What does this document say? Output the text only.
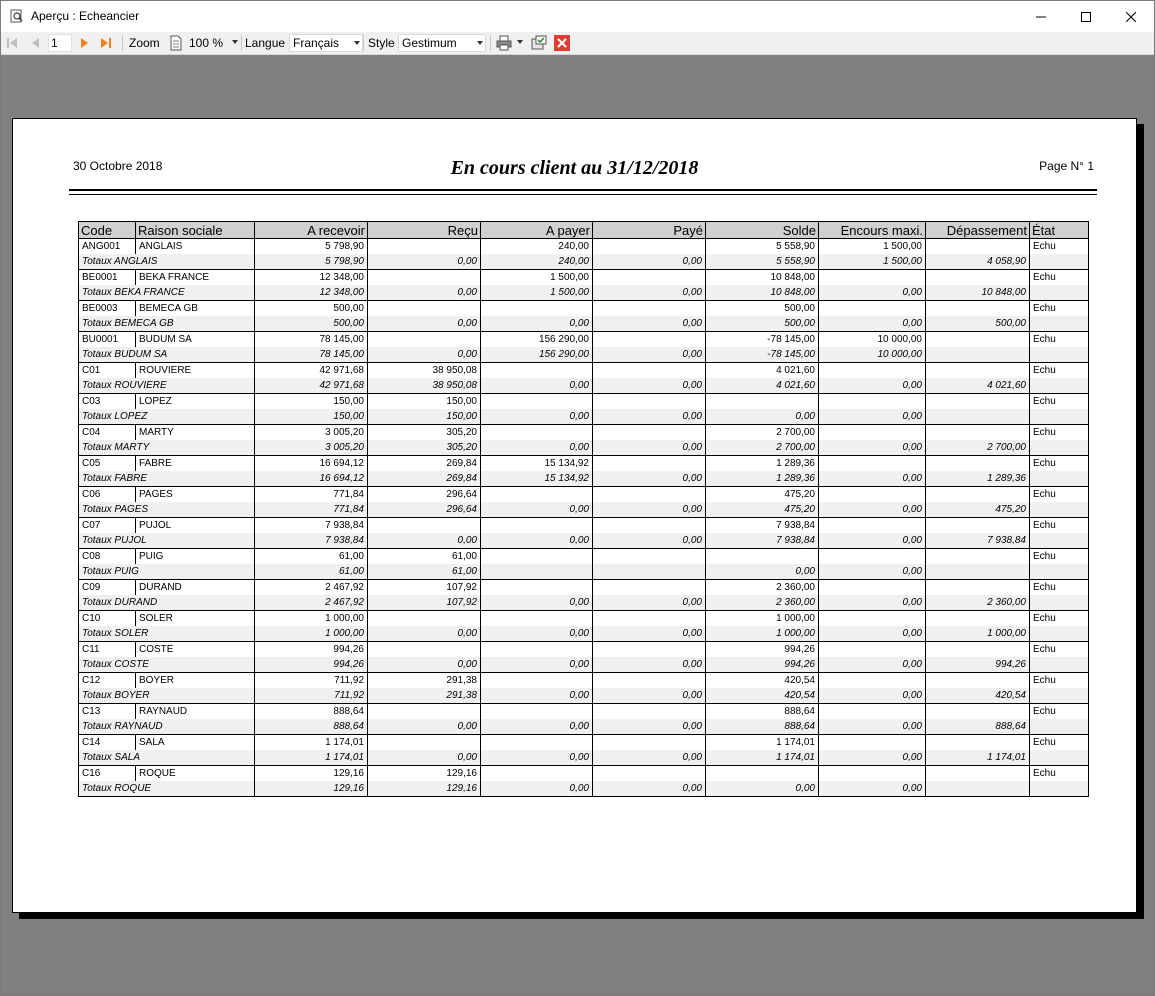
Aperçu : Echeancier
1
Zoom 100 % Langue Français	Style Gestimum
30 Octobre 2018	En cours client au 31/12/2018	Page N° 1
Code	Raison sociale	A recevoir	Reçu	A payer	Payé	Solde	Encours maxi.	Dépassement	État
ANG001	ANGLAIS	5 798,90		240,00		5 558,90	1 500,00		Echu
Totaux ANGLAIS		5 798,90	0,00	240,00	0,00	5 558,90	1 500,00	4 058,90	
BE0001	BEKA FRANCE	12 348,00		1 500,00		10 848,00			Echu
Totaux BEKA FRANCE		12 348,00	0,00	1 500,00	0,00	10 848,00	0,00	10 848,00	
BE0003	BEMECA GB	500,00				500,00			Echu
Totaux BEMECA GB		500,00	0,00	0,00	0,00	500,00	0,00	500,00	
BU0001	BUDUM SA	78 145,00		156 290,00		-78 145,00	10 000,00		Echu
Totaux BUDUM SA		78 145,00	0,00	156 290,00	0,00	-78 145,00	10 000,00		
C01	ROUVIERE	42 971,68	38 950,08			4 021,60			Echu
Totaux ROUVIERE		42 971,68	38 950,08	0,00	0,00	4 021,60	0,00	4 021,60	
C03	LOPEZ	150,00	150,00						Echu
Totaux LOPEZ		150,00	150,00	0,00	0,00	0,00	0,00		
C04	MARTY	3 005,20	305,20			2 700,00			Echu
Totaux MARTY		3 005,20	305,20	0,00	0,00	2 700,00	0,00	2 700,00	
C05	FABRE	16 694,12	269,84	15 134,92		1 289,36			Echu
Totaux FABRE		16 694,12	269,84	15 134,92	0,00	1 289,36	0,00	1 289,36	
C06	PAGES	771,84	296,64			475,20			Echu
Totaux PAGES		771,84	296,64	0,00	0,00	475,20	0,00	475,20	
C07	PUJOL	7 938,84				7 938,84			Echu
Totaux PUJOL		7 938,84	0,00	0,00	0,00	7 938,84	0,00	7 938,84	
C08	PUIG	61,00	61,00						Echu
Totaux PUIG		61,00	61,00			0,00	0,00		
C09	DURAND	2 467,92	107,92			2 360,00			Echu
Totaux DURAND		2 467,92	107,92	0,00	0,00	2 360,00	0,00	2 360,00	
C10	SOLER	1 000,00				1 000,00			Echu
Totaux SOLER		1 000,00	0,00	0,00	0,00	1 000,00	0,00	1 000,00	
C11	COSTE	994,26				994,26			Echu
Totaux COSTE		994,26	0,00	0,00	0,00	994,26	0,00	994,26	
C12	BOYER	711,92	291,38			420,54			Echu
Totaux BOYER		711,92	291,38	0,00	0,00	420,54	0,00	420,54	
C13	RAYNAUD	888,64				888,64			Echu
Totaux RAYNAUD		888,64	0,00	0,00	0,00	888,64	0,00	888,64	
C14	SALA	1 174,01				1 174,01			Echu
Totaux SALA		1 174,01	0,00	0,00	0,00	1 174,01	0,00	1 174,01	
C16	ROQUE	129,16	129,16						Echu
Totaux ROQUE		129,16	129,16	0,00	0,00	0,00	0,00		
